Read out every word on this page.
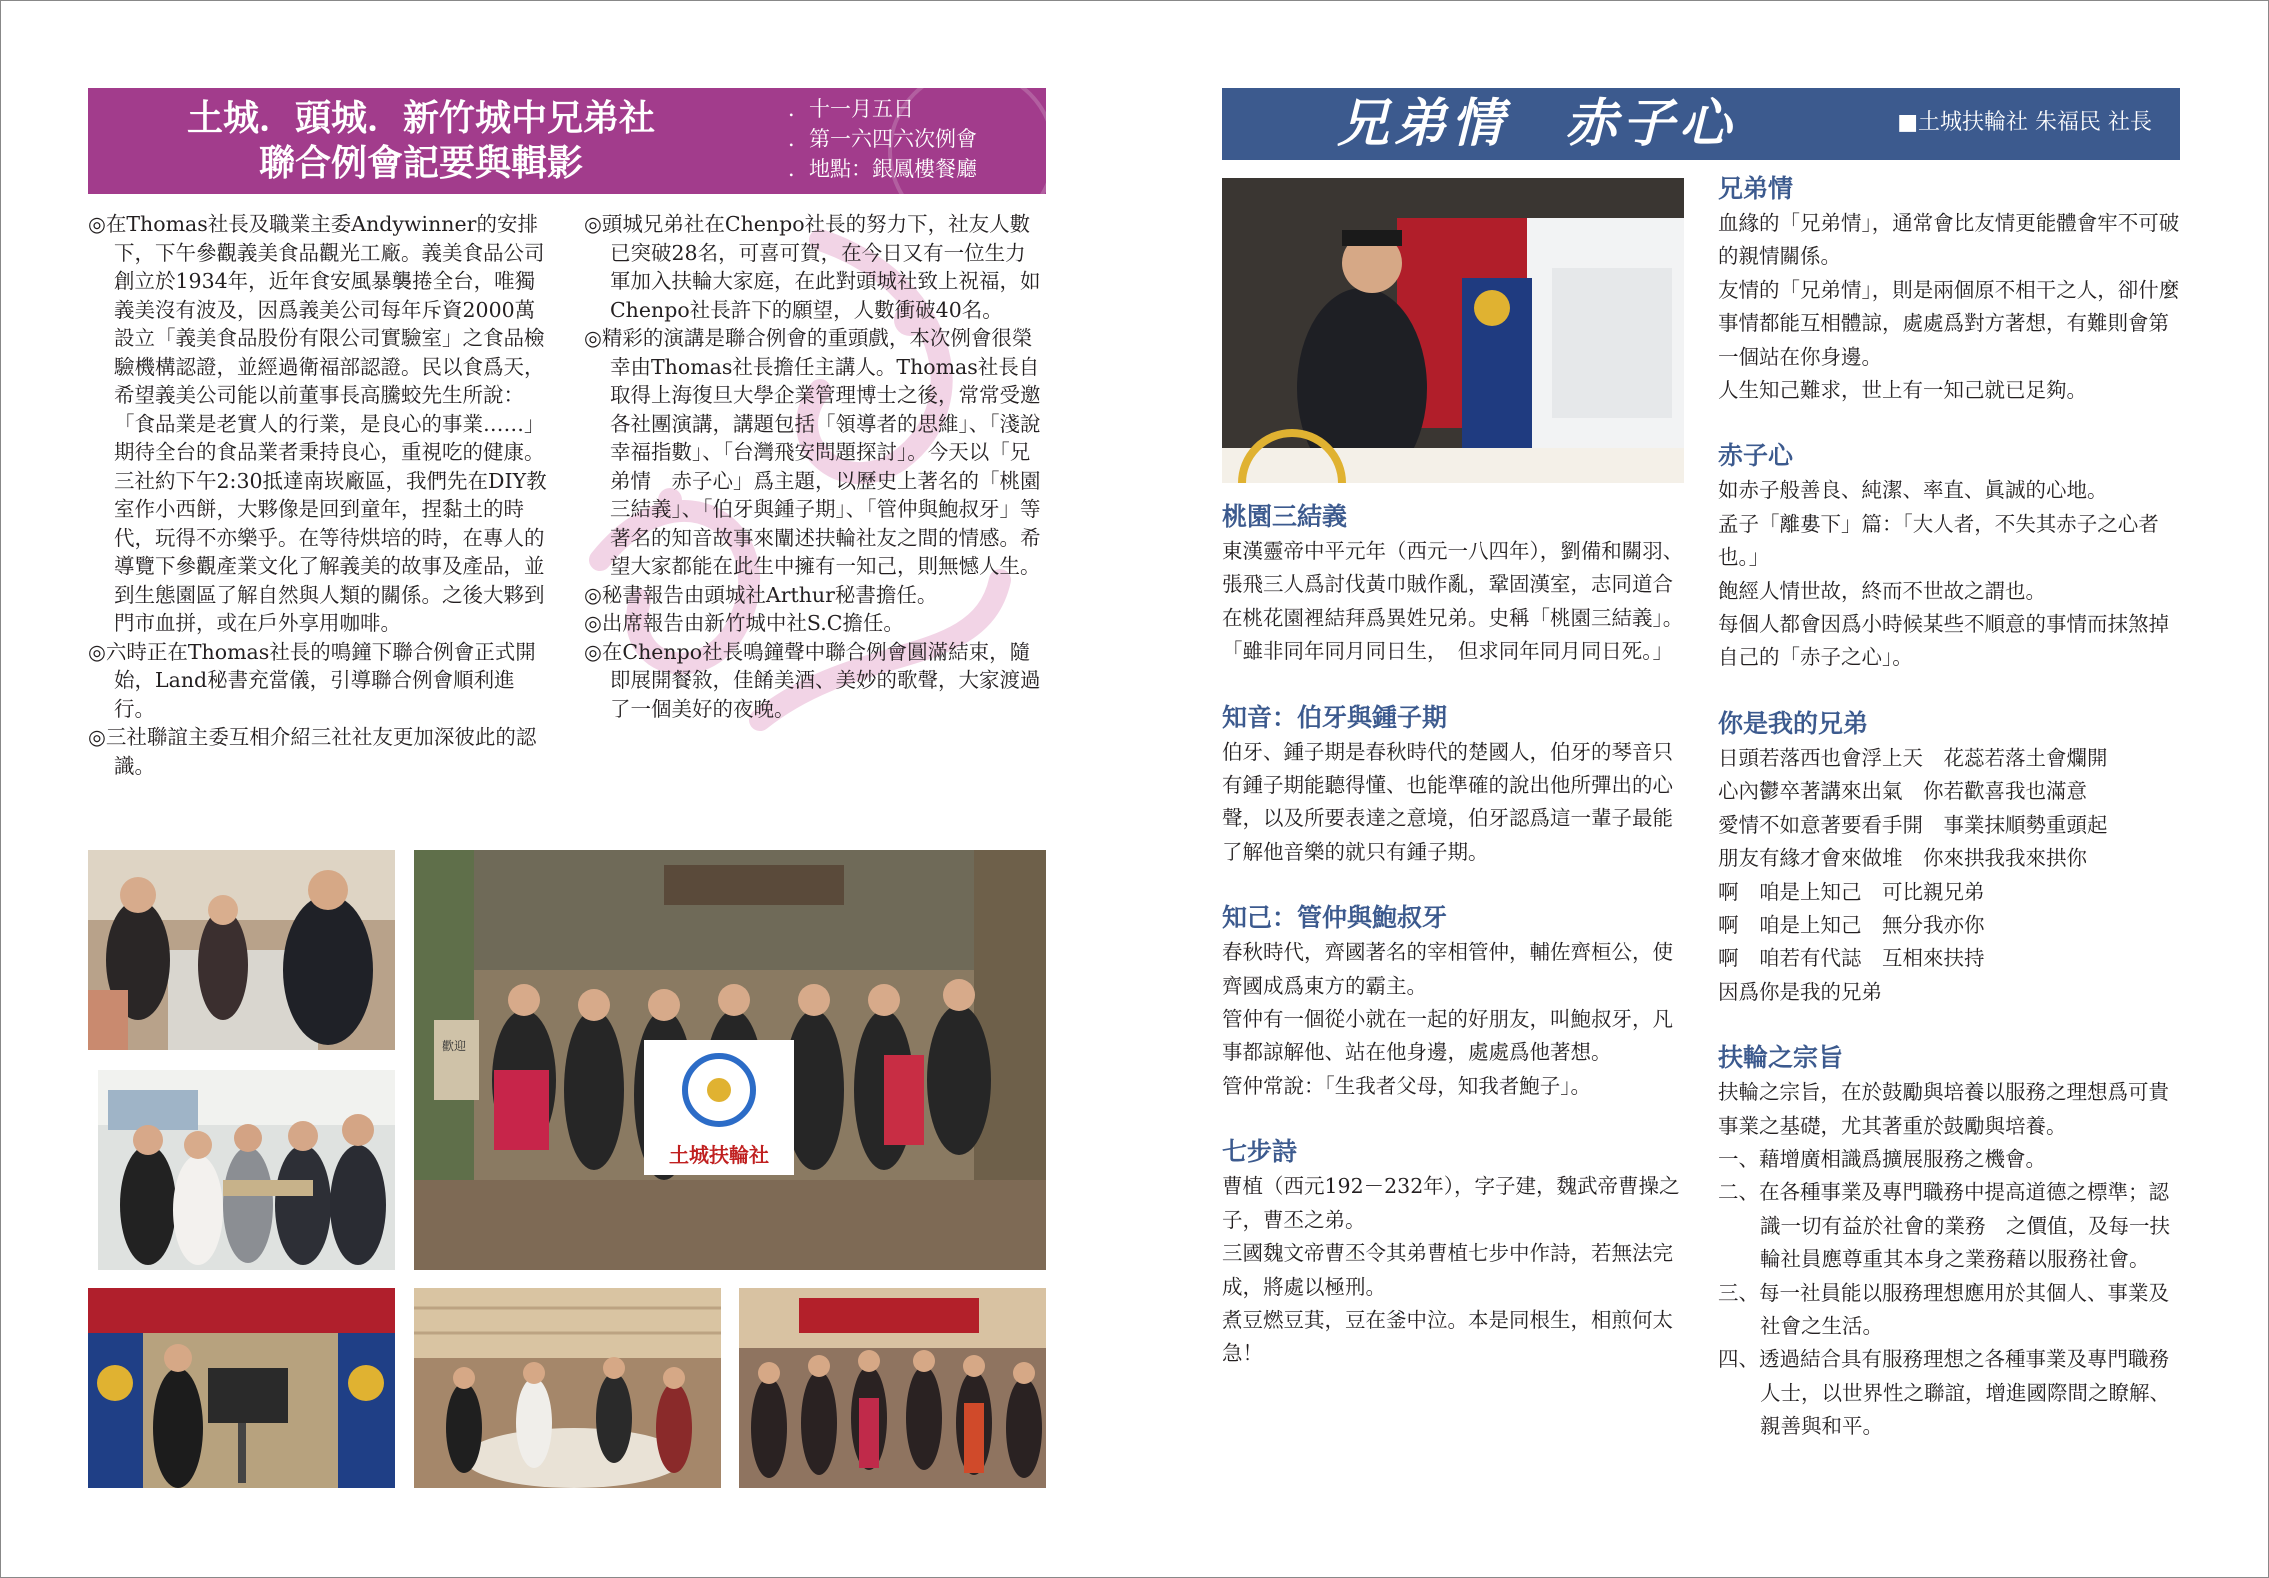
土城．頭城．新竹城中兄弟社
聯合例會記要與輯影
．十一月五日
．第一六四六次例會
．地點：銀鳳樓餐廳

◎在Thomas社長及職業主委Andywinner的安排下，下午參觀義美食品觀光工廠。義美食品公司創立於1934年，近年食安風暴襲捲全台，唯獨義美沒有波及，因爲義美公司每年斥資2000萬設立「義美食品股份有限公司實驗室」之食品檢驗機構認證，並經過衛福部認證。民以食爲天，希望義美公司能以前董事長高騰蛟先生所說：「食品業是老實人的行業，是良心的事業……」期待全台的食品業者秉持良心，重視吃的健康。

三社約下午2:30抵達南崁廠區，我們先在DIY教室作小西餅，大夥像是回到童年，捏黏土的時代，玩得不亦樂乎。在等待烘培的時，在專人的導覽下參觀產業文化了解義美的故事及產品，並到生態園區了解自然與人類的關係。之後大夥到門市血拼，或在戶外享用咖啡。

◎六時正在Thomas社長的鳴鐘下聯合例會正式開始，Land秘書充當儀，引導聯合例會順利進行。

◎三社聯誼主委互相介紹三社社友更加深彼此的認識。

◎頭城兄弟社在Chenpo社長的努力下，社友人數已突破28名，可喜可賀，在今日又有一位生力軍加入扶輪大家庭，在此對頭城社致上祝福，如Chenpo社長許下的願望，人數衝破40名。

◎精彩的演講是聯合例會的重頭戲，本次例會很榮幸由Thomas社長擔任主講人。Thomas社長自取得上海復旦大學企業管理博士之後，常常受邀各社團演講，講題包括「領導者的思維」、「淺說幸福指數」、「台灣飛安問題探討」。今天以「兄弟情　赤子心」爲主題，以歷史上著名的「桃園三結義」、「伯牙與鍾子期」、「管仲與鮑叔牙」等著名的知音故事來闡述扶輪社友之間的情感。希望大家都能在此生中擁有一知己，則無憾人生。

◎秘書報告由頭城社Arthur秘書擔任。

◎出席報告由新竹城中社S.C擔任。

◎在Chenpo社長鳴鐘聲中聯合例會圓滿結束，隨即展開餐敘，佳餚美酒、美妙的歌聲，大家渡過了一個美好的夜晚。

土城扶輪社
歡迎
兄弟情　赤子心	■土城扶輪社 朱福民 社長
桃園三結義

東漢靈帝中平元年（西元一八四年），劉備和關羽、張飛三人爲討伐黃巾賊作亂，鞏固漢室，志同道合在桃花園裡結拜爲異姓兄弟。史稱「桃園三結義」。

「雖非同年同月同日生，　但求同年同月同日死。」

知音：伯牙與鍾子期

伯牙、鍾子期是春秋時代的楚國人，伯牙的琴音只有鍾子期能聽得懂、也能準確的說出他所彈出的心聲，以及所要表達之意境，伯牙認爲這一輩子最能了解他音樂的就只有鍾子期。

知己：管仲與鮑叔牙

春秋時代，齊國著名的宰相管仲，輔佐齊桓公，使齊國成爲東方的霸主。

管仲有一個從小就在一起的好朋友，叫鮑叔牙，凡事都諒解他、站在他身邊，處處爲他著想。

管仲常說：「生我者父母，知我者鮑子」。

七步詩

曹植（西元192－232年），字子建，魏武帝曹操之子，曹丕之弟。

三國魏文帝曹丕令其弟曹植七步中作詩，若無法完成，將處以極刑。

煮豆燃豆萁，豆在釜中泣。本是同根生，相煎何太急！

兄弟情

血緣的「兄弟情」，通常會比友情更能體會牢不可破的親情關係。

友情的「兄弟情」，則是兩個原不相干之人，卻什麼事情都能互相體諒，處處爲對方著想，有難則會第一個站在你身邊。

人生知己難求，世上有一知己就已足夠。

赤子心

如赤子般善良、純潔、率直、眞誠的心地。

孟子「離婁下」篇：「大人者，不失其赤子之心者也。」

飽經人情世故，終而不世故之謂也。

每個人都會因爲小時候某些不順意的事情而抹煞掉自己的「赤子之心」。

你是我的兄弟

日頭若落西也會浮上天　花蕊若落土會爛開

心內鬱卒著講來出氣　你若歡喜我也滿意

愛情不如意著要看手開　事業抹順勢重頭起

朋友有緣才會來做堆　你來拱我我來拱你

啊　咱是上知己　可比親兄弟

啊　咱是上知己　無分我亦你

啊　咱若有代誌　互相來扶持

因爲你是我的兄弟

扶輪之宗旨

扶輪之宗旨，在於鼓勵與培養以服務之理想爲可貴事業之基礎，尤其著重於鼓勵與培養。

一、藉增廣相識爲擴展服務之機會。

二、在各種事業及專門職務中提高道德之標準；認識一切有益於社會的業務　之價值，及每一扶輪社員應尊重其本身之業務藉以服務社會。

三、每一社員能以服務理想應用於其個人、事業及社會之生活。

四、透過結合具有服務理想之各種事業及專門職務人士，以世界性之聯誼，增進國際間之瞭解、親善與和平。
